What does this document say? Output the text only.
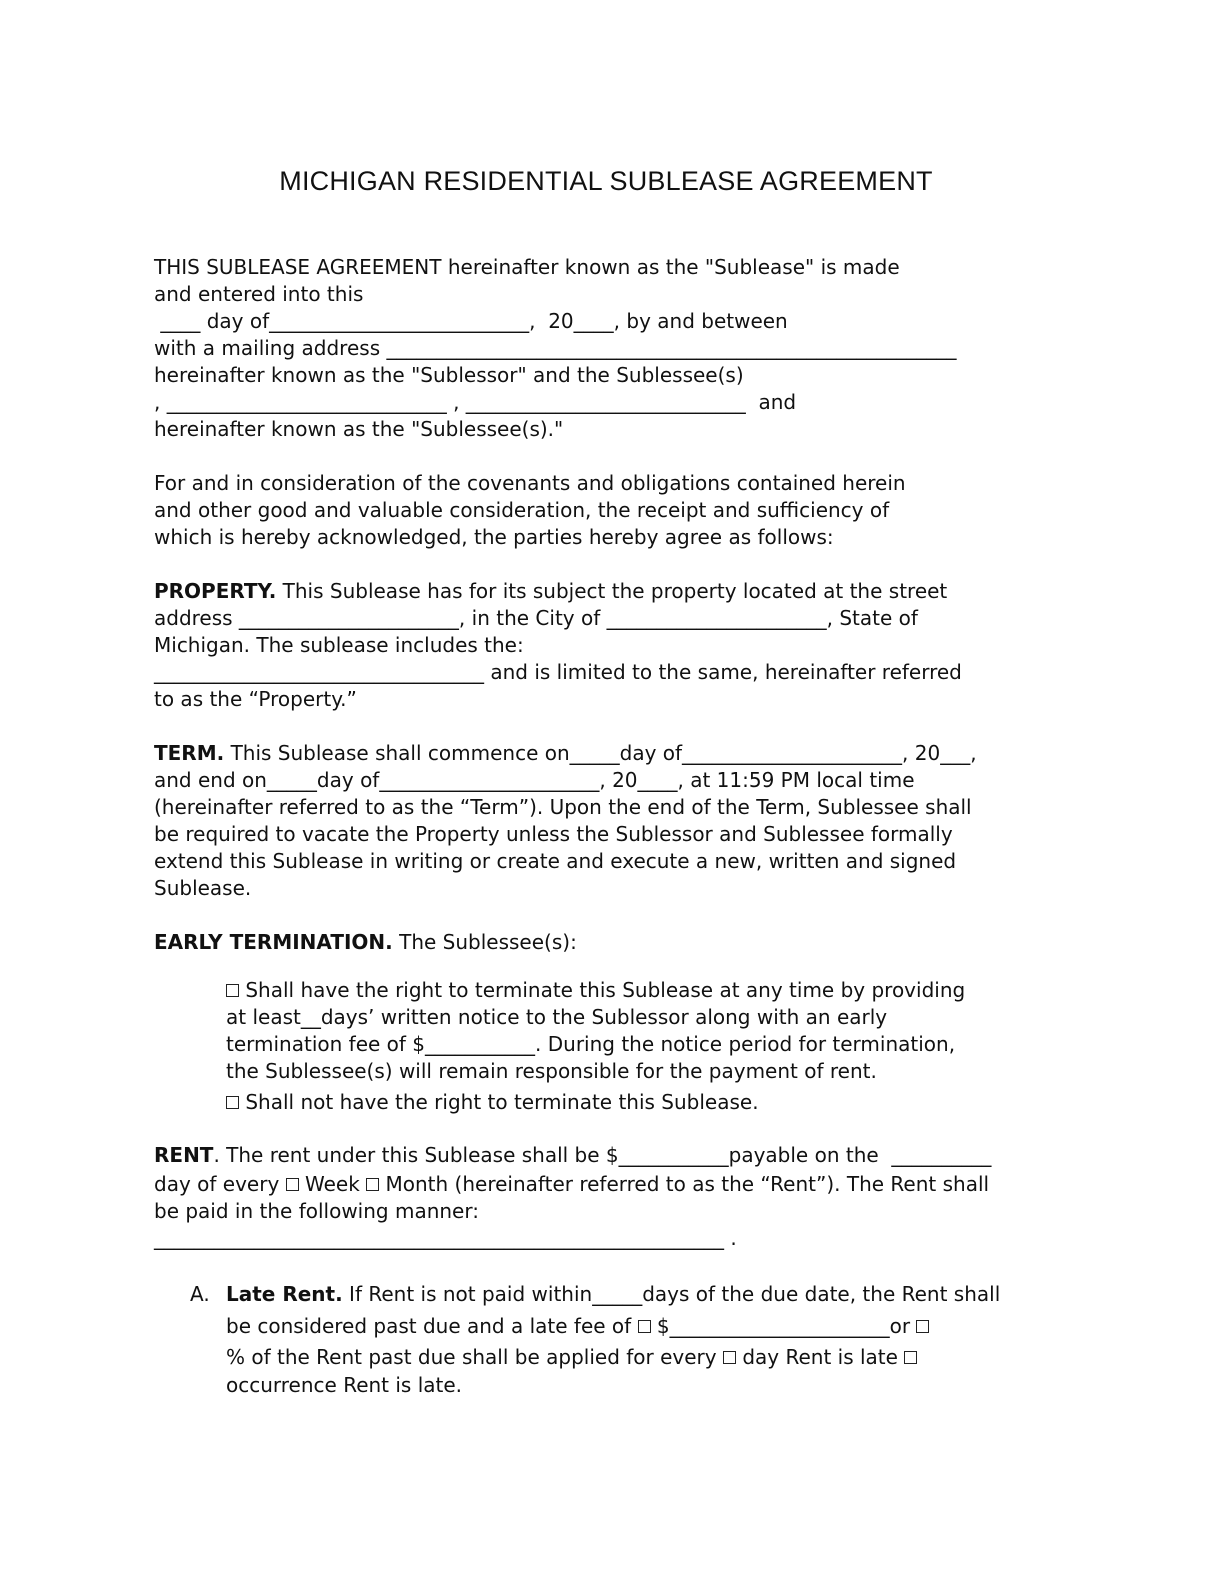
MICHIGAN RESIDENTIAL SUBLEASE AGREEMENT
THIS SUBLEASE AGREEMENT hereinafter known as the "Sublease" is made
and entered into this
____ day of__________________________,  20____, by and between
with a mailing address _________________________________________________________
hereinafter known as the "Sublessor" and the Sublessee(s)
, ____________________________ , ____________________________  and
hereinafter known as the "Sublessee(s)."
For and in consideration of the covenants and obligations contained herein
and other good and valuable consideration, the receipt and sufficiency of
which is hereby acknowledged, the parties hereby agree as follows:
PROPERTY. This Sublease has for its subject the property located at the street
address ______________________, in the City of ______________________, State of
Michigan. The sublease includes the:
_________________________________ and is limited to the same, hereinafter referred
to as the “Property.”
TERM. This Sublease shall commence on_____day of______________________, 20___,
and end on_____day of______________________, 20____, at 11:59 PM local time
(hereinafter referred to as the “Term”). Upon the end of the Term, Sublessee shall
be required to vacate the Property unless the Sublessor and Sublessee formally
extend this Sublease in writing or create and execute a new, written and signed
Sublease.
EARLY TERMINATION. The Sublessee(s):
Shall have the right to terminate this Sublease at any time by providing
at least__days’ written notice to the Sublessor along with an early
termination fee of $___________. During the notice period for termination,
the Sublessee(s) will remain responsible for the payment of rent.
Shall not have the right to terminate this Sublease.
RENT. The rent under this Sublease shall be $___________payable on the  __________
day of every  Week  Month (hereinafter referred to as the “Rent”). The Rent shall
be paid in the following manner:
_________________________________________________________ .
A. Late Rent. If Rent is not paid within_____days of the due date, the Rent shall
be considered past due and a late fee of  $______________________or
% of the Rent past due shall be applied for every  day Rent is late
occurrence Rent is late.
